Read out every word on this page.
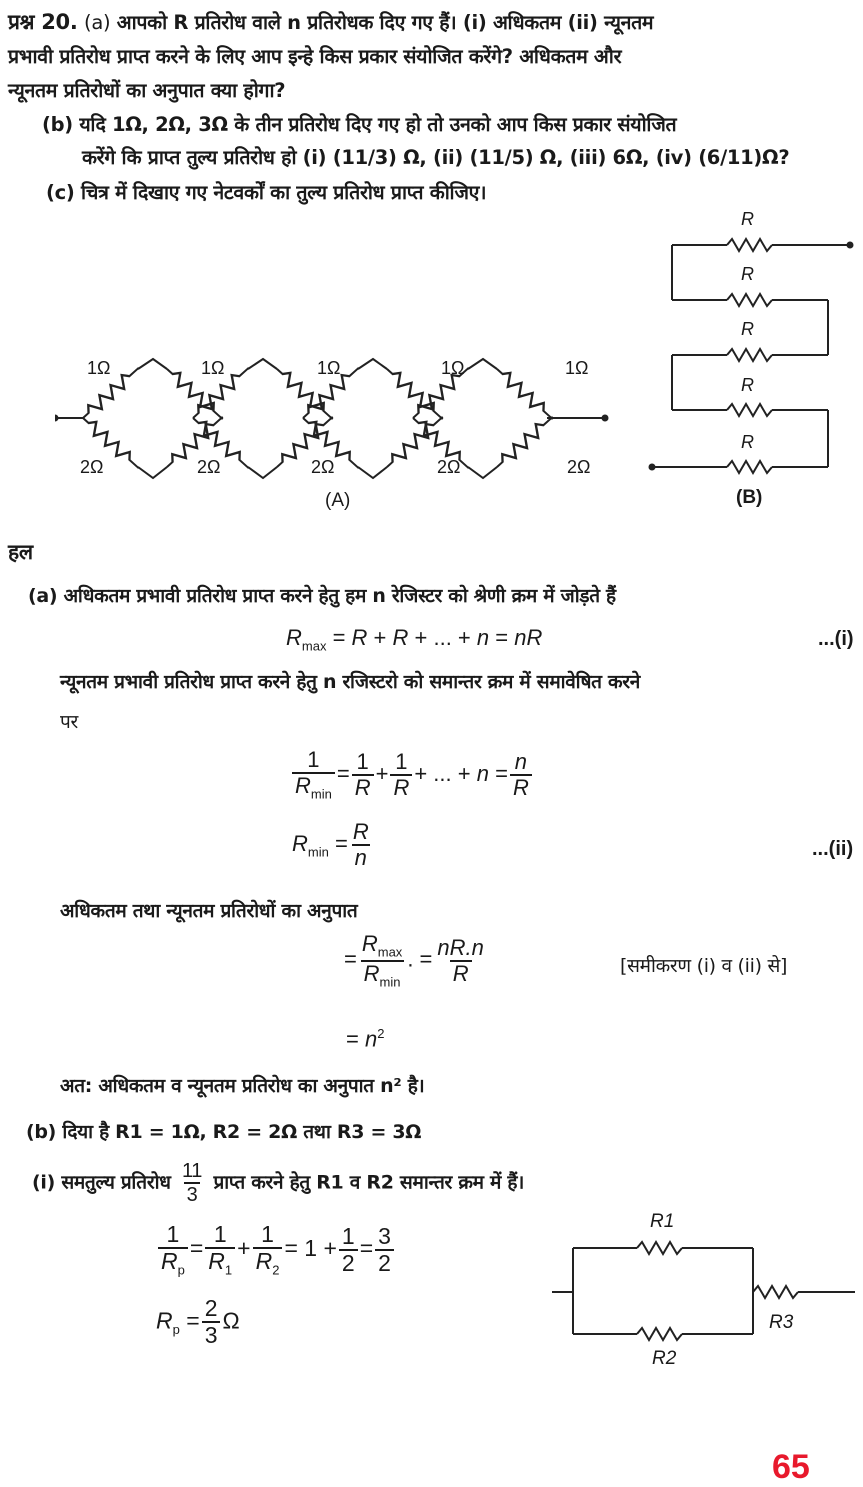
प्रश्न 20. (a) आपको R प्रतिरोध वाले n प्रतिरोधक दिए गए हैं। (i) अधिकतम (ii) न्यूनतम
प्रभावी प्रतिरोध प्राप्त करने के लिए आप इन्हे किस प्रकार संयोजित करेंगे? अधिकतम और
न्यूनतम प्रतिरोधों का अनुपात क्या होगा?
(b) यदि 1Ω, 2Ω, 3Ω के तीन प्रतिरोध दिए गए हो तो उनको आप किस प्रकार संयोजित
करेंगे कि प्राप्त तुल्य प्रतिरोध हो (i) (11/3) Ω, (ii) (11/5) Ω, (iii) 6Ω, (iv) (6/11)Ω?
(c) चित्र में दिखाए गए नेटवर्कों का तुल्य प्रतिरोध प्राप्त कीजिए।
1Ω	1Ω	1Ω	1Ω	1Ω
2Ω	2Ω	2Ω	2Ω	2Ω
(A)
R
R
R
R
R
(B)
हल
(a) अधिकतम प्रभावी प्रतिरोध प्राप्त करने हेतु हम n रेजिस्टर को श्रेणी क्रम में जोड़ते हैं
$R_{max} = R + R$ + ... + n = nR	...(i)
न्यूनतम प्रभावी प्रतिरोध प्राप्त करने हेतु n रजिस्टरो को समान्तर क्रम में समावेषित करने
पर
$\frac{1}{R_{min}} = \frac{1}{R} + \frac{1}{R}$ + ... + $n = \frac{n}{R}$
$R_{min} = \frac{R}{n}$	...(ii)
अधिकतम तथा न्यूनतम प्रतिरोधों का अनुपात
= $\frac{R_{max}}{R_{min}}$ . = $\frac{nR.n}{R}$	[समीकरण (i) व (ii) से]
= $n^2$
अत: अधिकतम व न्यूनतम प्रतिरोध का अनुपात n² है।
(b) दिया है R1 = 1Ω, R2 = 2Ω तथा R3 = 3Ω
(i) समतुल्य प्रतिरोध $\frac{11}{3}$ प्राप्त करने हेतु R1 व R2 समान्तर क्रम में हैं।
$\frac{1}{R_p} = \frac{1}{R_1} + \frac{1}{R_2} = 1 + \frac{1}{2} = \frac{3}{2}$
$R_p = \frac{2}{3}$ Ω
R1
R2
R3
65
